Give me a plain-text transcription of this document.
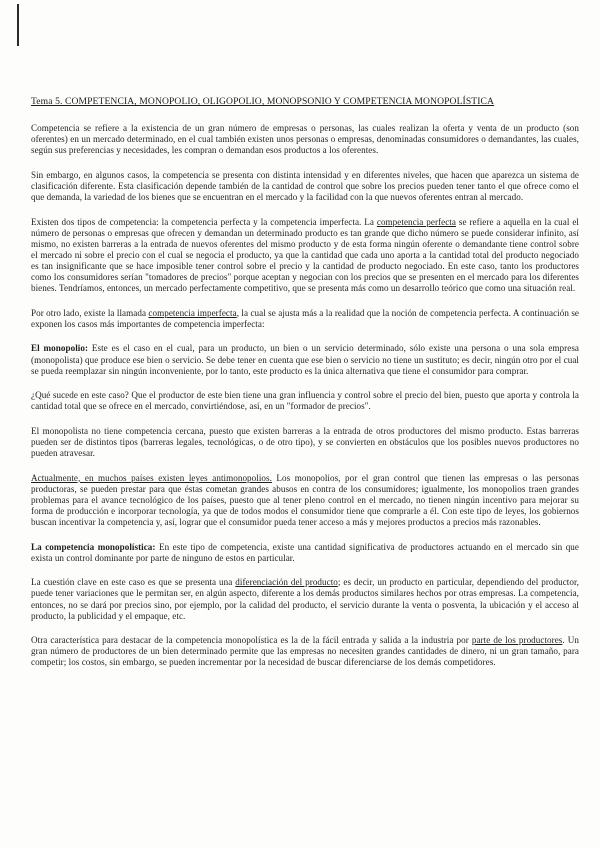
Tema 5. COMPETENCIA, MONOPOLIO, OLIGOPOLIO, MONOPSONIO Y COMPETENCIA MONOPOLÍSTICA

Competencia se refiere a la existencia de un gran número de empresas o personas, las cuales realizan la oferta y venta de un producto (son oferentes) en un mercado determinado, en el cual también existen unos personas o empresas, denominadas consumidores o demandantes, las cuales, según sus preferencias y necesidades, les compran o demandan esos productos a los oferentes.

Sin embargo, en algunos casos, la competencia se presenta con distinta intensidad y en diferentes niveles, que hacen que aparezca un sistema de clasificación diferente. Esta clasificación depende también de la cantidad de control que sobre los precios pueden tener tanto el que ofrece como el que demanda, la variedad de los bienes que se encuentran en el mercado y la facilidad con la que nuevos oferentes entran al mercado.

Existen dos tipos de competencia: la competencia perfecta y la competencia imperfecta. La competencia perfecta se refiere a aquella en la cual el número de personas o empresas que ofrecen y demandan un determinado producto es tan grande que dicho número se puede considerar infinito, así mismo, no existen barreras a la entrada de nuevos oferentes del mismo producto y de esta forma ningún oferente o demandante tiene control sobre el mercado ni sobre el precio con el cual se negocia el producto, ya que la cantidad que cada uno aporta a la cantidad total del producto negociado es tan insignificante que se hace imposible tener control sobre el precio y la cantidad de producto negociado. En este caso, tanto los productores como los consumidores serían "tomadores de precios" porque aceptan y negocian con los precios que se presenten en el mercado para los diferentes bienes. Tendríamos, entonces, un mercado perfectamente competitivo, que se presenta más como un desarrollo teórico que como una situación real.

Por otro lado, existe la llamada competencia imperfecta, la cual se ajusta más a la realidad que la noción de competencia perfecta. A continuación se exponen los casos más importantes de competencia imperfecta:

El monopolio: Este es el caso en el cual, para un producto, un bien o un servicio determinado, sólo existe una persona o una sola empresa (monopolista) que produce ese bien o servicio. Se debe tener en cuenta que ese bien o servicio no tiene un sustituto; es decir, ningún otro por el cual se pueda reemplazar sin ningún inconveniente, por lo tanto, este producto es la única alternativa que tiene el consumidor para comprar.

¿Qué sucede en este caso? Que el productor de este bien tiene una gran influencia y control sobre el precio del bien, puesto que aporta y controla la cantidad total que se ofrece en el mercado, convirtiéndose, así, en un "formador de precios".

El monopolista no tiene competencia cercana, puesto que existen barreras a la entrada de otros productores del mismo producto. Estas barreras pueden ser de distintos tipos (barreras legales, tecnológicas, o de otro tipo), y se convierten en obstáculos que los posibles nuevos productores no pueden atravesar.

Actualmente, en muchos países existen leyes antimonopolios. Los monopolios, por el gran control que tienen las empresas o las personas productoras, se pueden prestar para que éstas cometan grandes abusos en contra de los consumidores; igualmente, los monopolios traen grandes problemas para el avance tecnológico de los países, puesto que al tener pleno control en el mercado, no tienen ningún incentivo para mejorar su forma de producción e incorporar tecnología, ya que de todos modos el consumidor tiene que comprarle a él. Con este tipo de leyes, los gobiernos buscan incentivar la competencia y, así, lograr que el consumidor pueda tener acceso a más y mejores productos a precios más razonables.

La competencia monopolística: En este tipo de competencia, existe una cantidad significativa de productores actuando en el mercado sin que exista un control dominante por parte de ninguno de estos en particular.

La cuestión clave en este caso es que se presenta una diferenciación del producto; es decir, un producto en particular, dependiendo del productor, puede tener variaciones que le permitan ser, en algún aspecto, diferente a los demás productos similares hechos por otras empresas. La competencia, entonces, no se dará por precios sino, por ejemplo, por la calidad del producto, el servicio durante la venta o posventa, la ubicación y el acceso al producto, la publicidad y el empaque, etc.

Otra característica para destacar de la competencia monopolística es la de la fácil entrada y salida a la industria por parte de los productores. Un gran número de productores de un bien determinado permite que las empresas no necesiten grandes cantidades de dinero, ni un gran tamaño, para competir; los costos, sin embargo, se pueden incrementar por la necesidad de buscar diferenciarse de los demás competidores.
